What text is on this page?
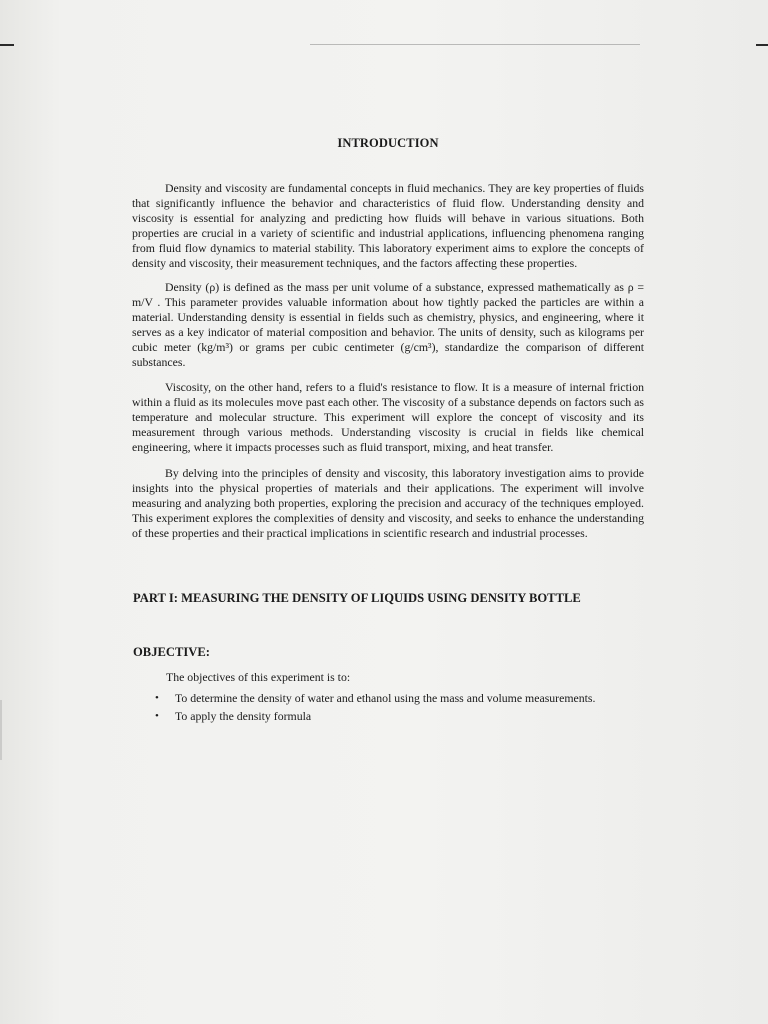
INTRODUCTION

Density and viscosity are fundamental concepts in fluid mechanics. They are key properties of fluids that significantly influence the behavior and characteristics of fluid flow. Understanding density and viscosity is essential for analyzing and predicting how fluids will behave in various situations. Both properties are crucial in a variety of scientific and industrial applications, influencing phenomena ranging from fluid flow dynamics to material stability. This laboratory experiment aims to explore the concepts of density and viscosity, their measurement techniques, and the factors affecting these properties.

Density (ρ) is defined as the mass per unit volume of a substance, expressed mathematically as ρ = m/V . This parameter provides valuable information about how tightly packed the particles are within a material. Understanding density is essential in fields such as chemistry, physics, and engineering, where it serves as a key indicator of material composition and behavior. The units of density, such as kilograms per cubic meter (kg/m³) or grams per cubic centimeter (g/cm³), standardize the comparison of different substances.

Viscosity, on the other hand, refers to a fluid's resistance to flow. It is a measure of internal friction within a fluid as its molecules move past each other. The viscosity of a substance depends on factors such as temperature and molecular structure. This experiment will explore the concept of viscosity and its measurement through various methods. Understanding viscosity is crucial in fields like chemical engineering, where it impacts processes such as fluid transport, mixing, and heat transfer.

By delving into the principles of density and viscosity, this laboratory investigation aims to provide insights into the physical properties of materials and their applications. The experiment will involve measuring and analyzing both properties, exploring the precision and accuracy of the techniques employed. This experiment explores the complexities of density and viscosity, and seeks to enhance the understanding of these properties and their practical implications in scientific research and industrial processes.

PART I: MEASURING THE DENSITY OF LIQUIDS USING DENSITY BOTTLE
OBJECTIVE:

The objectives of this experiment is to:

• To determine the density of water and ethanol using the mass and volume measurements.
• To apply the density formula
